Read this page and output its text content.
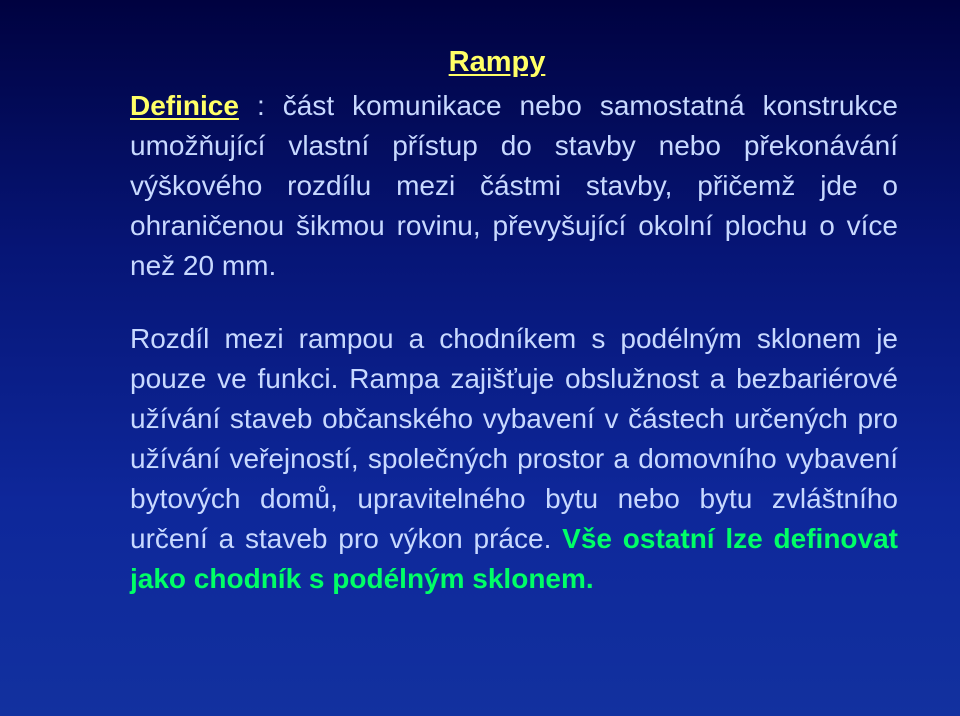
Rampy

Definice : část komunikace nebo samostatná konstrukce umožňující vlastní přístup do stavby nebo překonávání výškového rozdílu mezi částmi stavby, přičemž jde o ohraničenou šikmou rovinu, převyšující okolní plochu o více než 20 mm.

Rozdíl mezi rampou a chodníkem s podélným sklonem je pouze ve funkci. Rampa zajišťuje obslužnost a bezbariérové užívání staveb občanského vybavení v částech určených pro užívání veřejností, společných prostor a domovního vybavení bytových domů, upravitelného bytu nebo bytu zvláštního určení a staveb pro výkon práce. Vše ostatní lze definovat jako chodník s podélným sklonem.
